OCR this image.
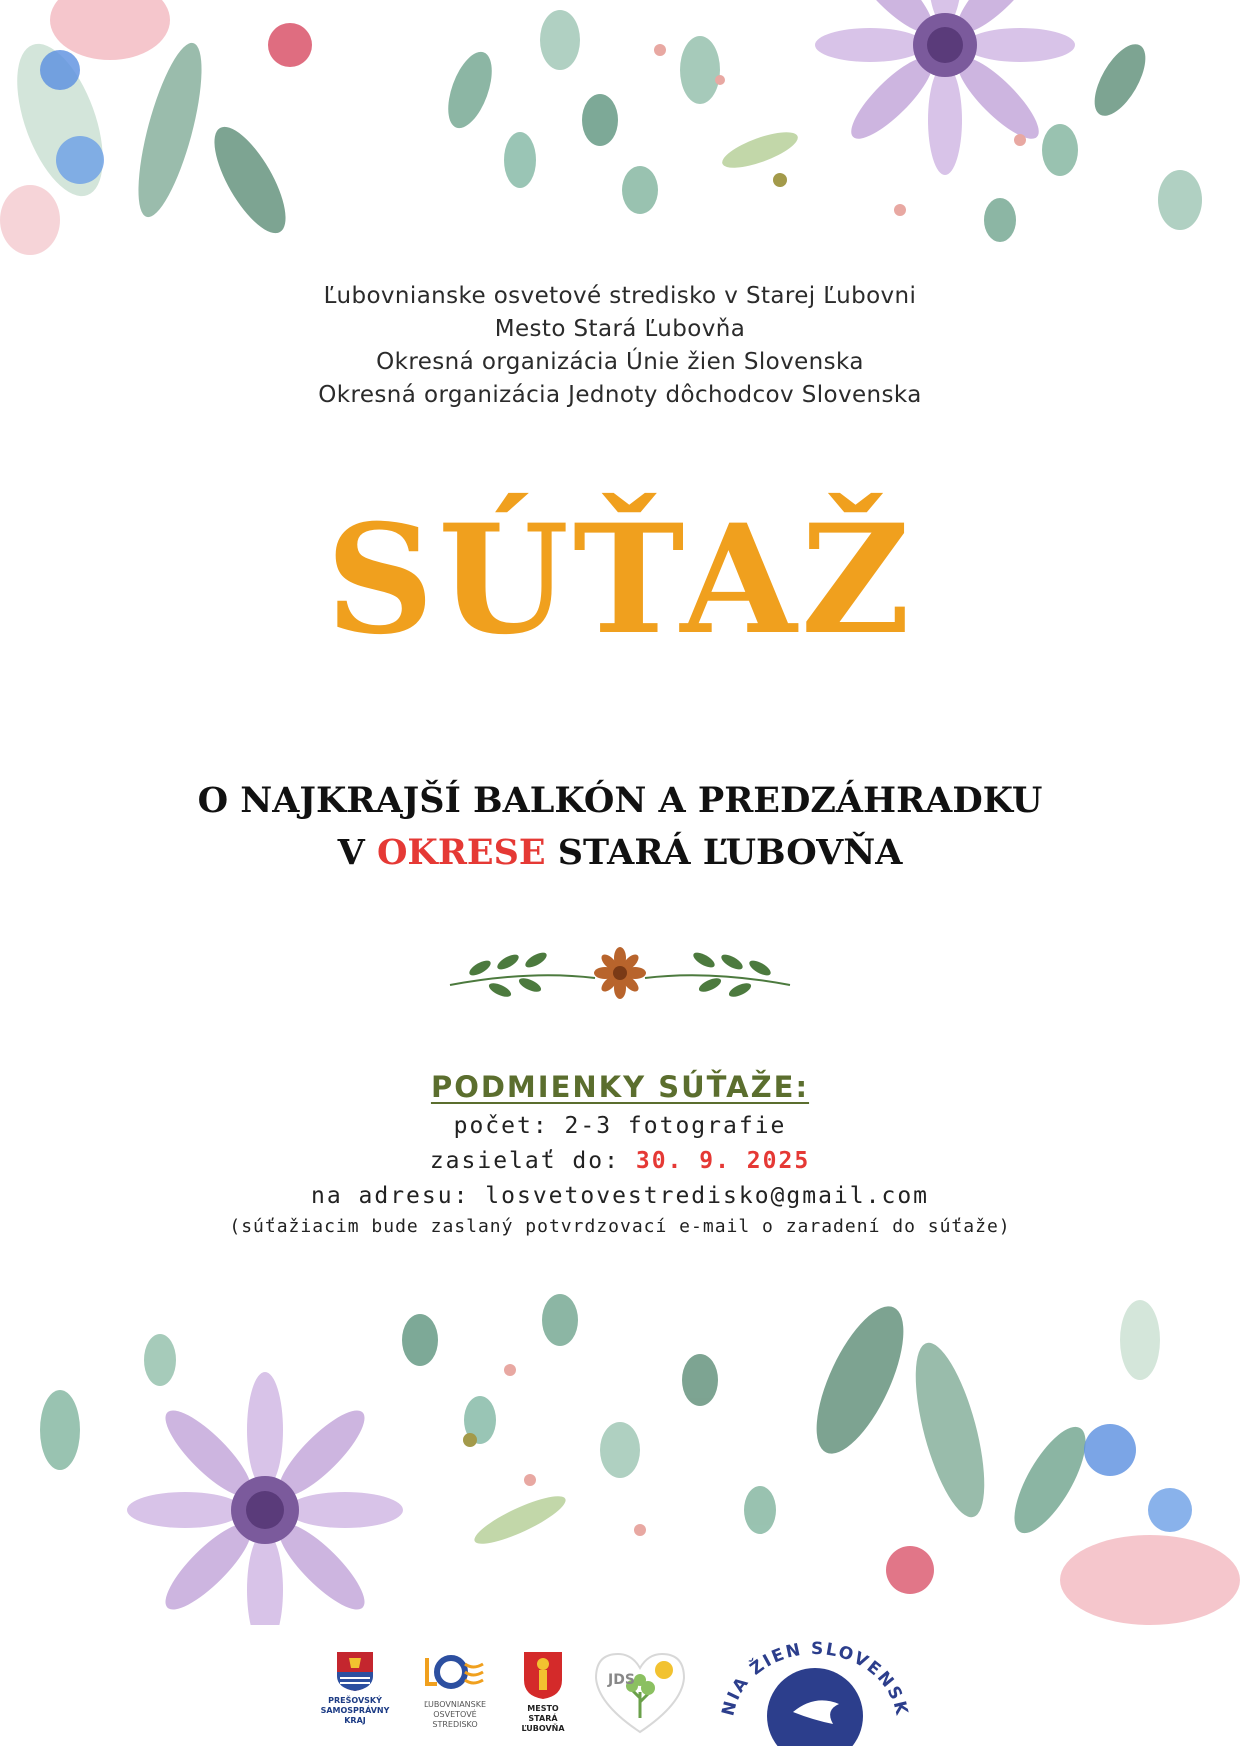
Ľubovnianske osvetové stredisko v Starej Ľubovni
Mesto Stará Ľubovňa
Okresná organizácia Únie žien Slovenska
Okresná organizácia Jednoty dôchodcov Slovenska
SÚŤAŽ
O NAJKRAJŠÍ BALKÓN A PREDZÁHRADKU
V OKRESE STARÁ ĽUBOVŇA
PODMIENKY SÚŤAŽE:
počet: 2-3 fotografie
zasielať do: 30. 9. 2025
na adresu: losvetovestredisko@gmail.com
(súťažiacim bude zaslaný potvrdzovací e-mail o zaradení do súťaže)
PREŠOVSKÝ
SAMOSPRÁVNY
KRAJ
ĽUBOVNIANSKE
OSVETOVÉ
STREDISKO
MESTO
STARÁ ĽUBOVŇA
JDS
NIA ŽIEN SLOVENSK
